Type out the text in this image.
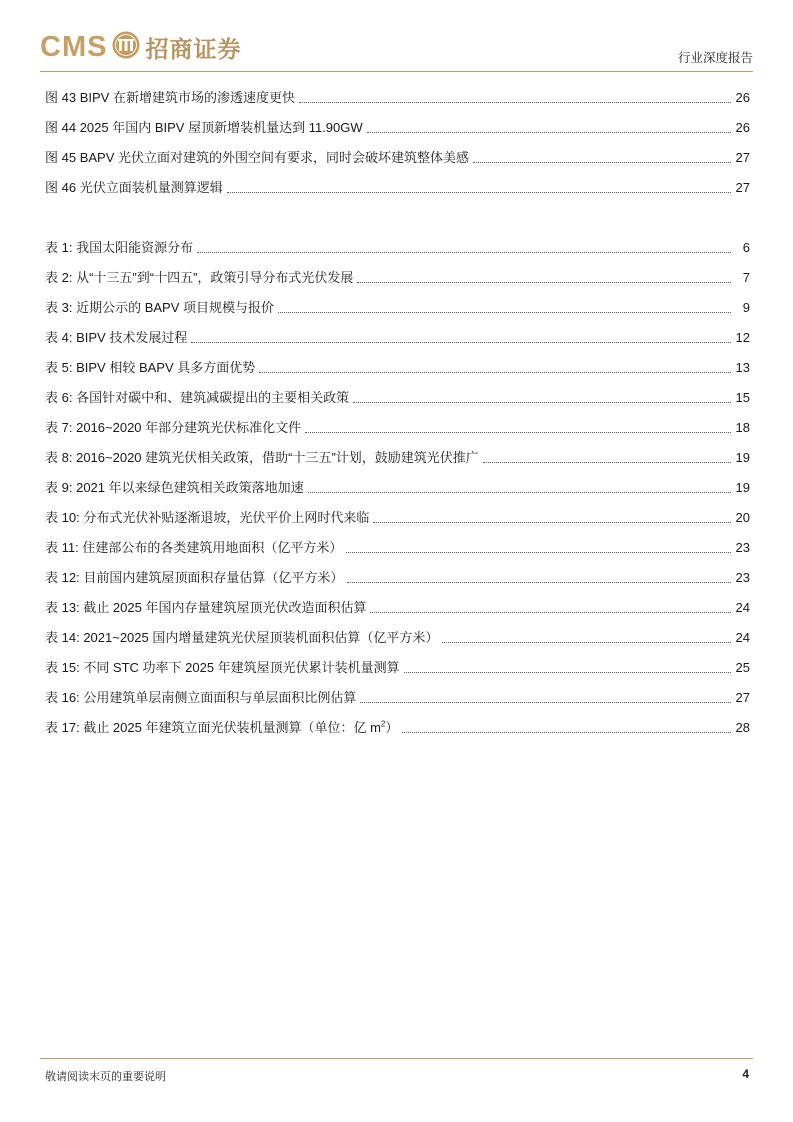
CMS 招商证券	行业深度报告
图 43 BIPV 在新增建筑市场的渗透速度更快	26
图 44 2025 年国内 BIPV 屋顶新增装机量达到 11.90GW	26
图 45 BAPV 光伏立面对建筑的外围空间有要求，同时会破坏建筑整体美感	27
图 46 光伏立面装机量测算逻辑	27
表 1: 我国太阳能资源分布	6
表 2: 从“十三五”到“十四五”，政策引导分布式光伏发展	7
表 3: 近期公示的 BAPV 项目规模与报价	9
表 4: BIPV 技术发展过程	12
表 5: BIPV 相较 BAPV 具多方面优势	13
表 6: 各国针对碳中和、建筑减碳提出的主要相关政策	15
表 7: 2016~2020 年部分建筑光伏标准化文件	18
表 8: 2016~2020 建筑光伏相关政策，借助“十三五”计划，鼓励建筑光伏推广	19
表 9: 2021 年以来绿色建筑相关政策落地加速	19
表 10: 分布式光伏补贴逐渐退坡，光伏平价上网时代来临	20
表 11: 住建部公布的各类建筑用地面积（亿平方米）	23
表 12: 目前国内建筑屋顶面积存量估算（亿平方米）	23
表 13: 截止 2025 年国内存量建筑屋顶光伏改造面积估算	24
表 14: 2021~2025 国内增量建筑光伏屋顶装机面积估算（亿平方米）	24
表 15: 不同 STC 功率下 2025 年建筑屋顶光伏累计装机量测算	25
表 16: 公用建筑单层南侧立面面积与单层面积比例估算	27
表 17: 截止 2025 年建筑立面光伏装机量测算（单位：亿 $m^2$）	28
敬请阅读末页的重要说明	4
